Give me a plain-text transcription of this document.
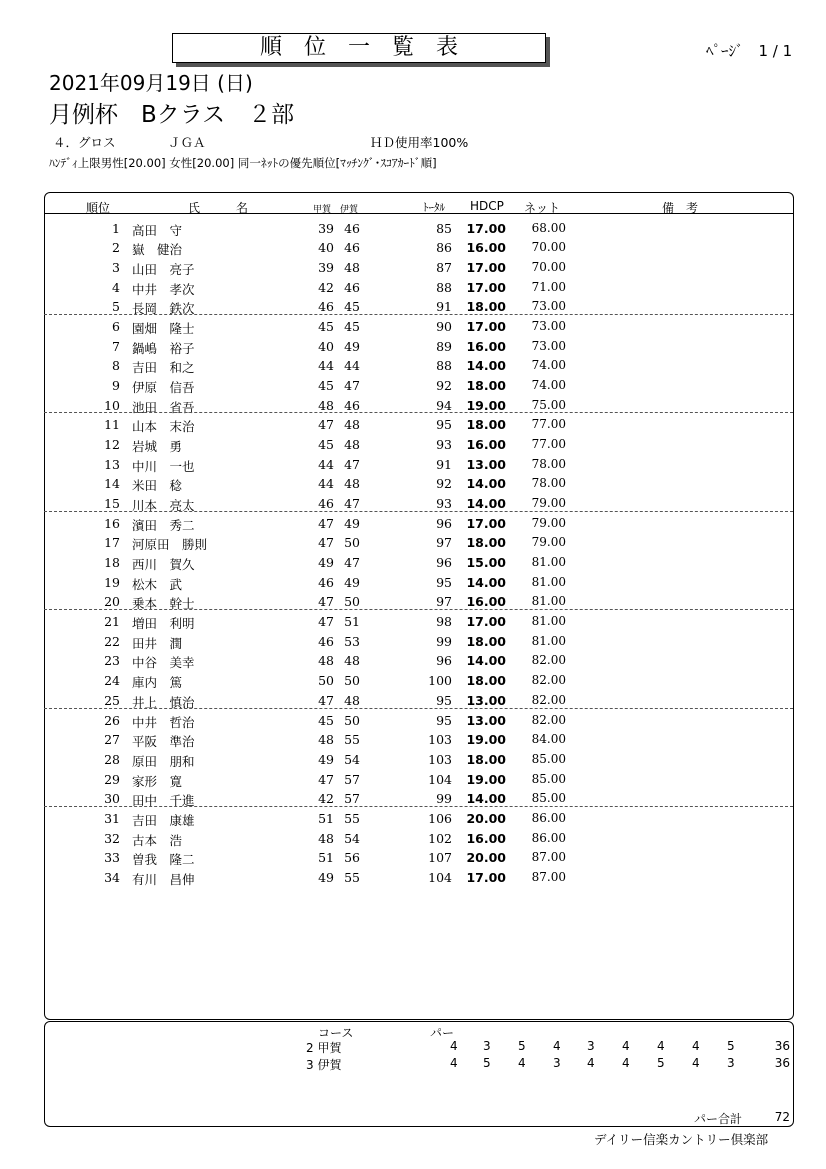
順　位　一　覧　表	ﾍﾟｰｼﾞ　1 / 1
2021年09月19日 (日)
月例杯　Bクラス　２部
４．グロス	ＪＧＡ	ＨＤ使用率100%
ﾊﾝﾃﾞｨ上限男性[20.00] 女性[20.00] 同一ﾈｯﾄの優先順位[ﾏｯﾁﾝｸﾞ･ｽｺｱｶｰﾄﾞ順]
順位	氏	名	甲賀 伊賀	ﾄｰﾀﾙ HDCP ネット	備　考
1 高田　守	39 46	85 17.00	68.00
2 嶽　健治	40 46	86 16.00	70.00
3 山田　亮子	39 48	87 17.00	70.00
4 中井　孝次	42 46	88 17.00	71.00
5 長岡　鉄次	46 45	91 18.00	73.00
6 園畑　隆士	45 45	90 17.00	73.00
7 鍋嶋　裕子	40 49	89 16.00	73.00
8 吉田　和之	44 44	88 14.00	74.00
9 伊原　信吾	45 47	92 18.00	74.00
10 池田　省吾	48 46	94 19.00	75.00
11 山本　末治	47 48	95 18.00	77.00
12 岩城　勇	45 48	93 16.00	77.00
13 中川　一也	44 47	91 13.00	78.00
14 米田　稔	44 48	92 14.00	78.00
15 川本　亮太	46 47	93 14.00	79.00
16 濱田　秀二	47 49	96 17.00	79.00
17 河原田　勝則	47 50	97 18.00	79.00
18 西川　賀久	49 47	96 15.00	81.00
19 松木　武	46 49	95 14.00	81.00
20 乗本　幹士	47 50	97 16.00	81.00
21 増田　利明	47 51	98 17.00	81.00
22 田井　潤	46 53	99 18.00	81.00
23 中谷　美幸	48 48	96 14.00	82.00
24 庫内　篤	50 50	100 18.00	82.00
25 井上　慎治	47 48	95 13.00	82.00
26 中井　哲治	45 50	95 13.00	82.00
27 平阪　準治	48 55	103 19.00	84.00
28 原田　朋和	49 54	103 18.00	85.00
29 家形　寛	47 57	104 19.00	85.00
30 田中　千進	42 57	99 14.00	85.00
31 吉田　康雄	51 55	106 20.00	86.00
32 古本　浩	48 54	102 16.00	86.00
33 曽我　隆二	51 56	107 20.00	87.00
34 有川　昌伸	49 55	104 17.00	87.00
コース	パー
2 甲賀	4 3 5 4 3 4 4 4 5	36
3 伊賀	4 5 4 3 4 4 5 4 3	36
パー合計	72
デイリー信楽カントリー倶楽部
